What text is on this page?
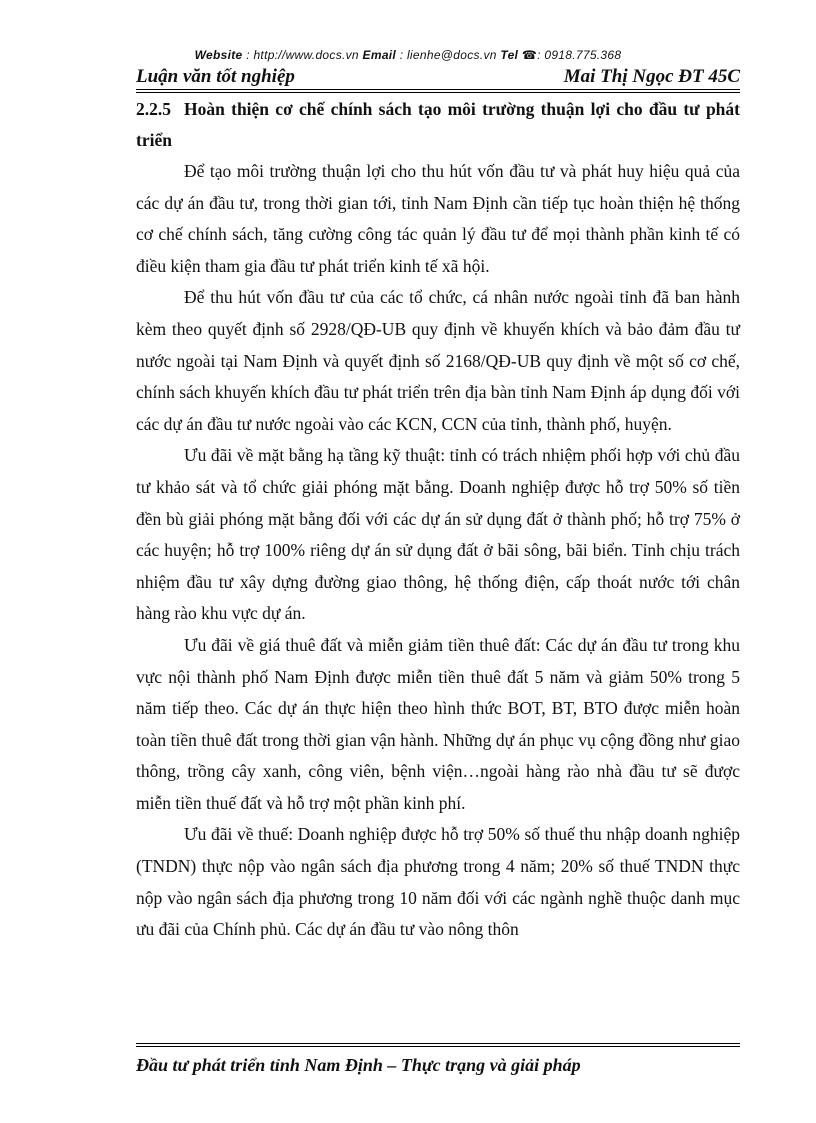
Website : http://www.docs.vn Email : lienhe@docs.vn Tel ☎: 0918.775.368
Luận văn tốt nghiệp	Mai Thị Ngọc ĐT 45C

2.2.5 Hoàn thiện cơ chế chính sách tạo môi trường thuận lợi cho đầu tư phát triển

Để tạo môi trường thuận lợi cho thu hút vốn đầu tư và phát huy hiệu quả của các dự án đầu tư, trong thời gian tới, tỉnh Nam Định cần tiếp tục hoàn thiện hệ thống cơ chế chính sách, tăng cường công tác quản lý đầu tư để mọi thành phần kinh tế có điều kiện tham gia đầu tư phát triển kinh tế xã hội.

Để thu hút vốn đầu tư của các tổ chức, cá nhân nước ngoài tỉnh đã ban hành kèm theo quyết định số 2928/QĐ-UB quy định về khuyến khích và bảo đảm đầu tư nước ngoài tại Nam Định và quyết định số 2168/QĐ-UB quy định về một số cơ chế, chính sách khuyến khích đầu tư phát triển trên địa bàn tỉnh Nam Định áp dụng đối với các dự án đầu tư nước ngoài vào các KCN, CCN của tỉnh, thành phố, huyện.

Ưu đãi về mặt bằng hạ tầng kỹ thuật: tỉnh có trách nhiệm phối hợp với chủ đầu tư khảo sát và tổ chức giải phóng mặt bằng. Doanh nghiệp được hỗ trợ 50% số tiền đền bù giải phóng mặt bằng đối với các dự án sử dụng đất ở thành phố; hỗ trợ 75% ở các huyện; hỗ trợ 100% riêng dự án sử dụng đất ở bãi sông, bãi biển. Tỉnh chịu trách nhiệm đầu tư xây dựng đường giao thông, hệ thống điện, cấp thoát nước tới chân hàng rào khu vực dự án.

Ưu đãi về giá thuê đất và miễn giảm tiền thuê đất: Các dự án đầu tư trong khu vực nội thành phố Nam Định được miễn tiền thuê đất 5 năm và giảm 50% trong 5 năm tiếp theo. Các dự án thực hiện theo hình thức BOT, BT, BTO được miễn hoàn toàn tiền thuê đất trong thời gian vận hành. Những dự án phục vụ cộng đồng như giao thông, trồng cây xanh, công viên, bệnh viện…ngoài hàng rào nhà đầu tư sẽ được miễn tiền thuế đất và hỗ trợ một phần kinh phí.

Ưu đãi về thuế: Doanh nghiệp được hỗ trợ 50% số thuế thu nhập doanh nghiệp (TNDN) thực nộp vào ngân sách địa phương trong 4 năm; 20% số thuế TNDN thực nộp vào ngân sách địa phương trong 10 năm đối với các ngành nghề thuộc danh mục ưu đãi của Chính phủ. Các dự án đầu tư vào nông thôn

Đầu tư phát triển tỉnh Nam Định – Thực trạng và giải pháp
